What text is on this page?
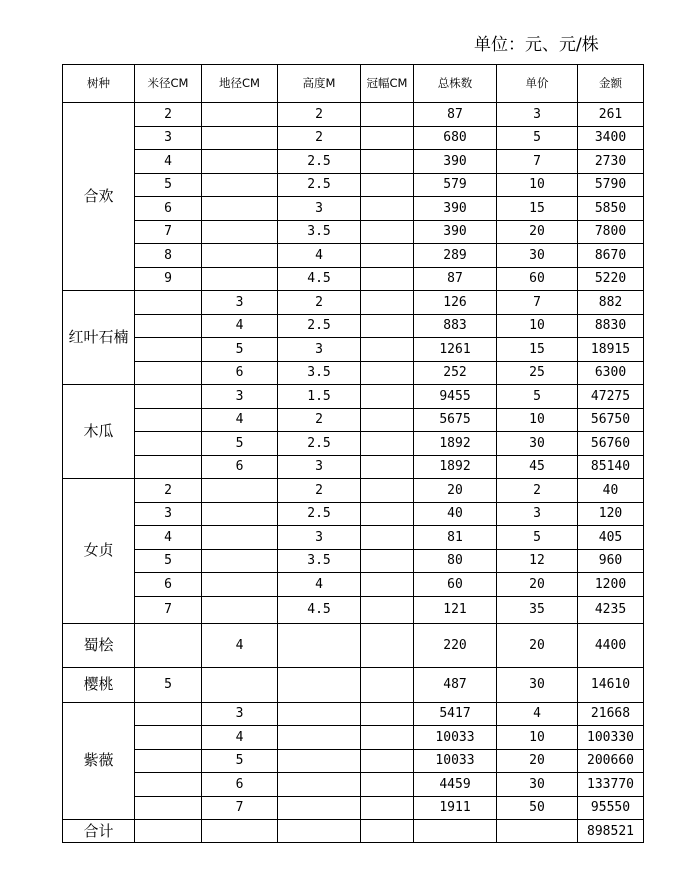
单位：元、元/株
树种	米径CM	地径CM	高度M	冠幅CM	总株数	单价	金额
合欢	2		2		87	3	261
	3		2		680	5	3400
	4		2.5		390	7	2730
	5		2.5		579	10	5790
	6		3		390	15	5850
	7		3.5		390	20	7800
	8		4		289	30	8670
	9		4.5		87	60	5220
红叶石楠		3	2		126	7	882
		4	2.5		883	10	8830
		5	3		1261	15	18915
		6	3.5		252	25	6300
木瓜		3	1.5		9455	5	47275
		4	2		5675	10	56750
		5	2.5		1892	30	56760
		6	3		1892	45	85140
女贞	2		2		20	2	40
	3		2.5		40	3	120
	4		3		81	5	405
	5		3.5		80	12	960
	6		4		60	20	1200
	7		4.5		121	35	4235
蜀桧		4			220	20	4400
樱桃	5				487	30	14610
紫薇		3			5417	4	21668
		4			10033	10	100330
		5			10033	20	200660
		6			4459	30	133770
		7			1911	50	95550
合计							898521
